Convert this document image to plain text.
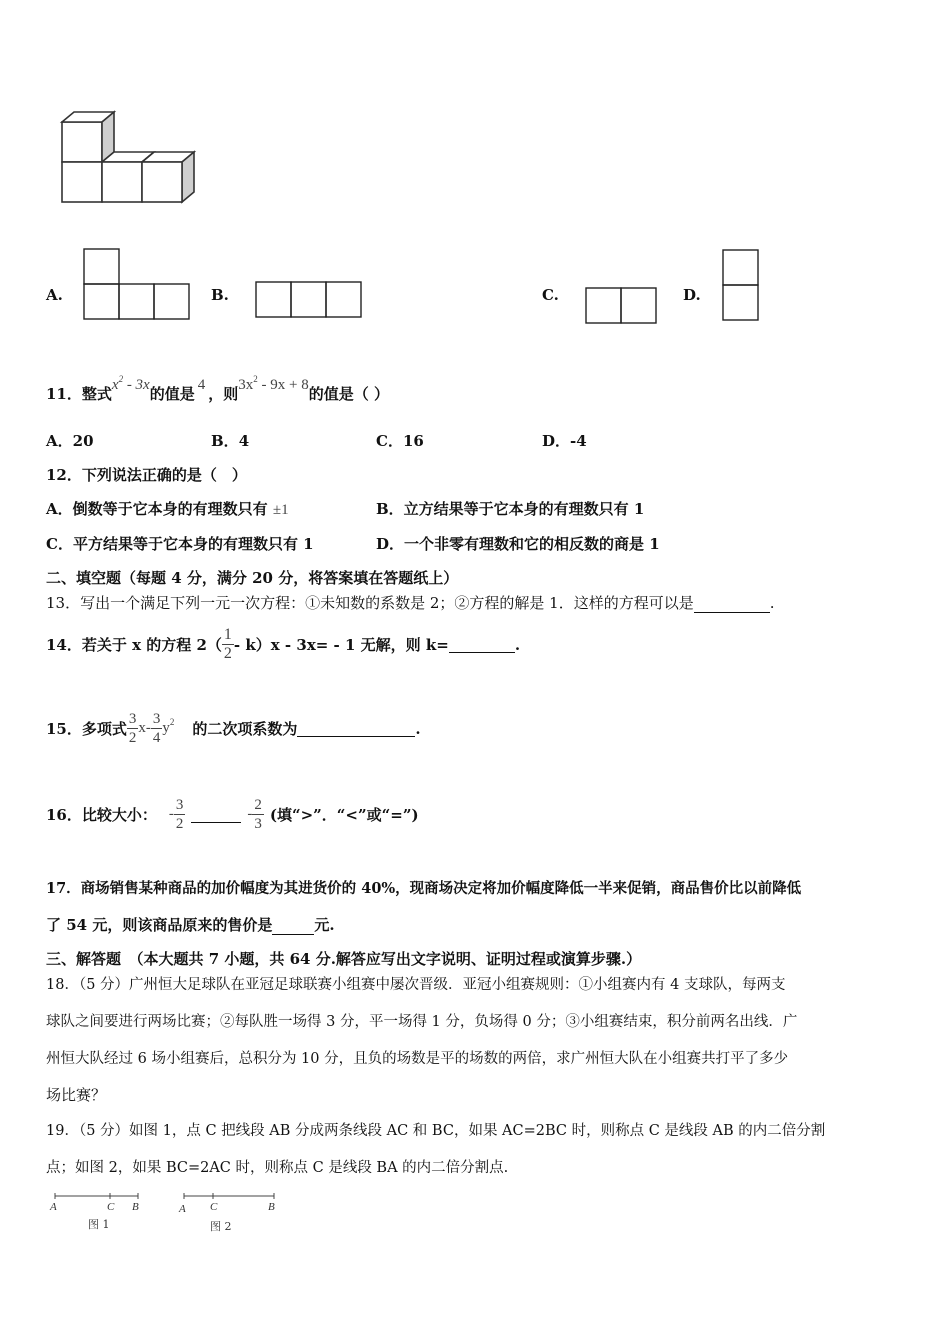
A.	B.	C.	D.
11．整式$x^2 - 3x$的值是 4 ，则$3x^2 - 9x + 8$的值是（ ）
A．20	B．4	C．16	D．-4
12．下列说法正确的是（　）
A．倒数等于它本身的有理数只有 ±1	B．立方结果等于它本身的有理数只有 1
C．平方结果等于它本身的有理数只有 1	D．一个非零有理数和它的相反数的商是 1
二、填空题（每题 4 分，满分 20 分，将答案填在答题纸上）
13．写出一个满足下列一元一次方程：①未知数的系数是 2；②方程的解是 1．这样的方程可以是	.
14．若关于 x 的方程 $2( \frac{1}{2} - k)x - 3x= - 1$ 无解，则 k=	.
15．多项式 $\frac{3}{2} x- \frac{3}{4} y^2$ 的二次项系数为	.
16．比较大小： - $\frac{3}{2}$	- $\frac{2}{3}$ (填“>”．“<”或“=”)
17．商场销售某种商品的加价幅度为其进货价的 40%，现商场决定将加价幅度降低一半来促销，商品售价比以前降低
了 54 元，则该商品原来的售价是	元.
三、解答题　（本大题共 7 小题，共 64 分.解答应写出文字说明、证明过程或演算步骤.）
18．（5 分）广州恒大足球队在亚冠足球联赛小组赛中屡次晋级．亚冠小组赛规则：①小组赛内有 4 支球队，每两支
球队之间要进行两场比赛；②每队胜一场得 3 分，平一场得 1 分，负场得 0 分；③小组赛结束，积分前两名出线．广
州恒大队经过 6 场小组赛后，总积分为 10 分，且负的场数是平的场数的两倍，求广州恒大队在小组赛共打平了多少
场比赛？
19．（5 分）如图 1，点 C 把线段 AB 分成两条线段 AC 和 BC，如果 AC=2BC 时，则称点 C 是线段 AB 的内二倍分割
点；如图 2，如果 BC=2AC 时，则称点 C 是线段 BA 的内二倍分割点.
A	C B
图 1
A C	B
图 2
